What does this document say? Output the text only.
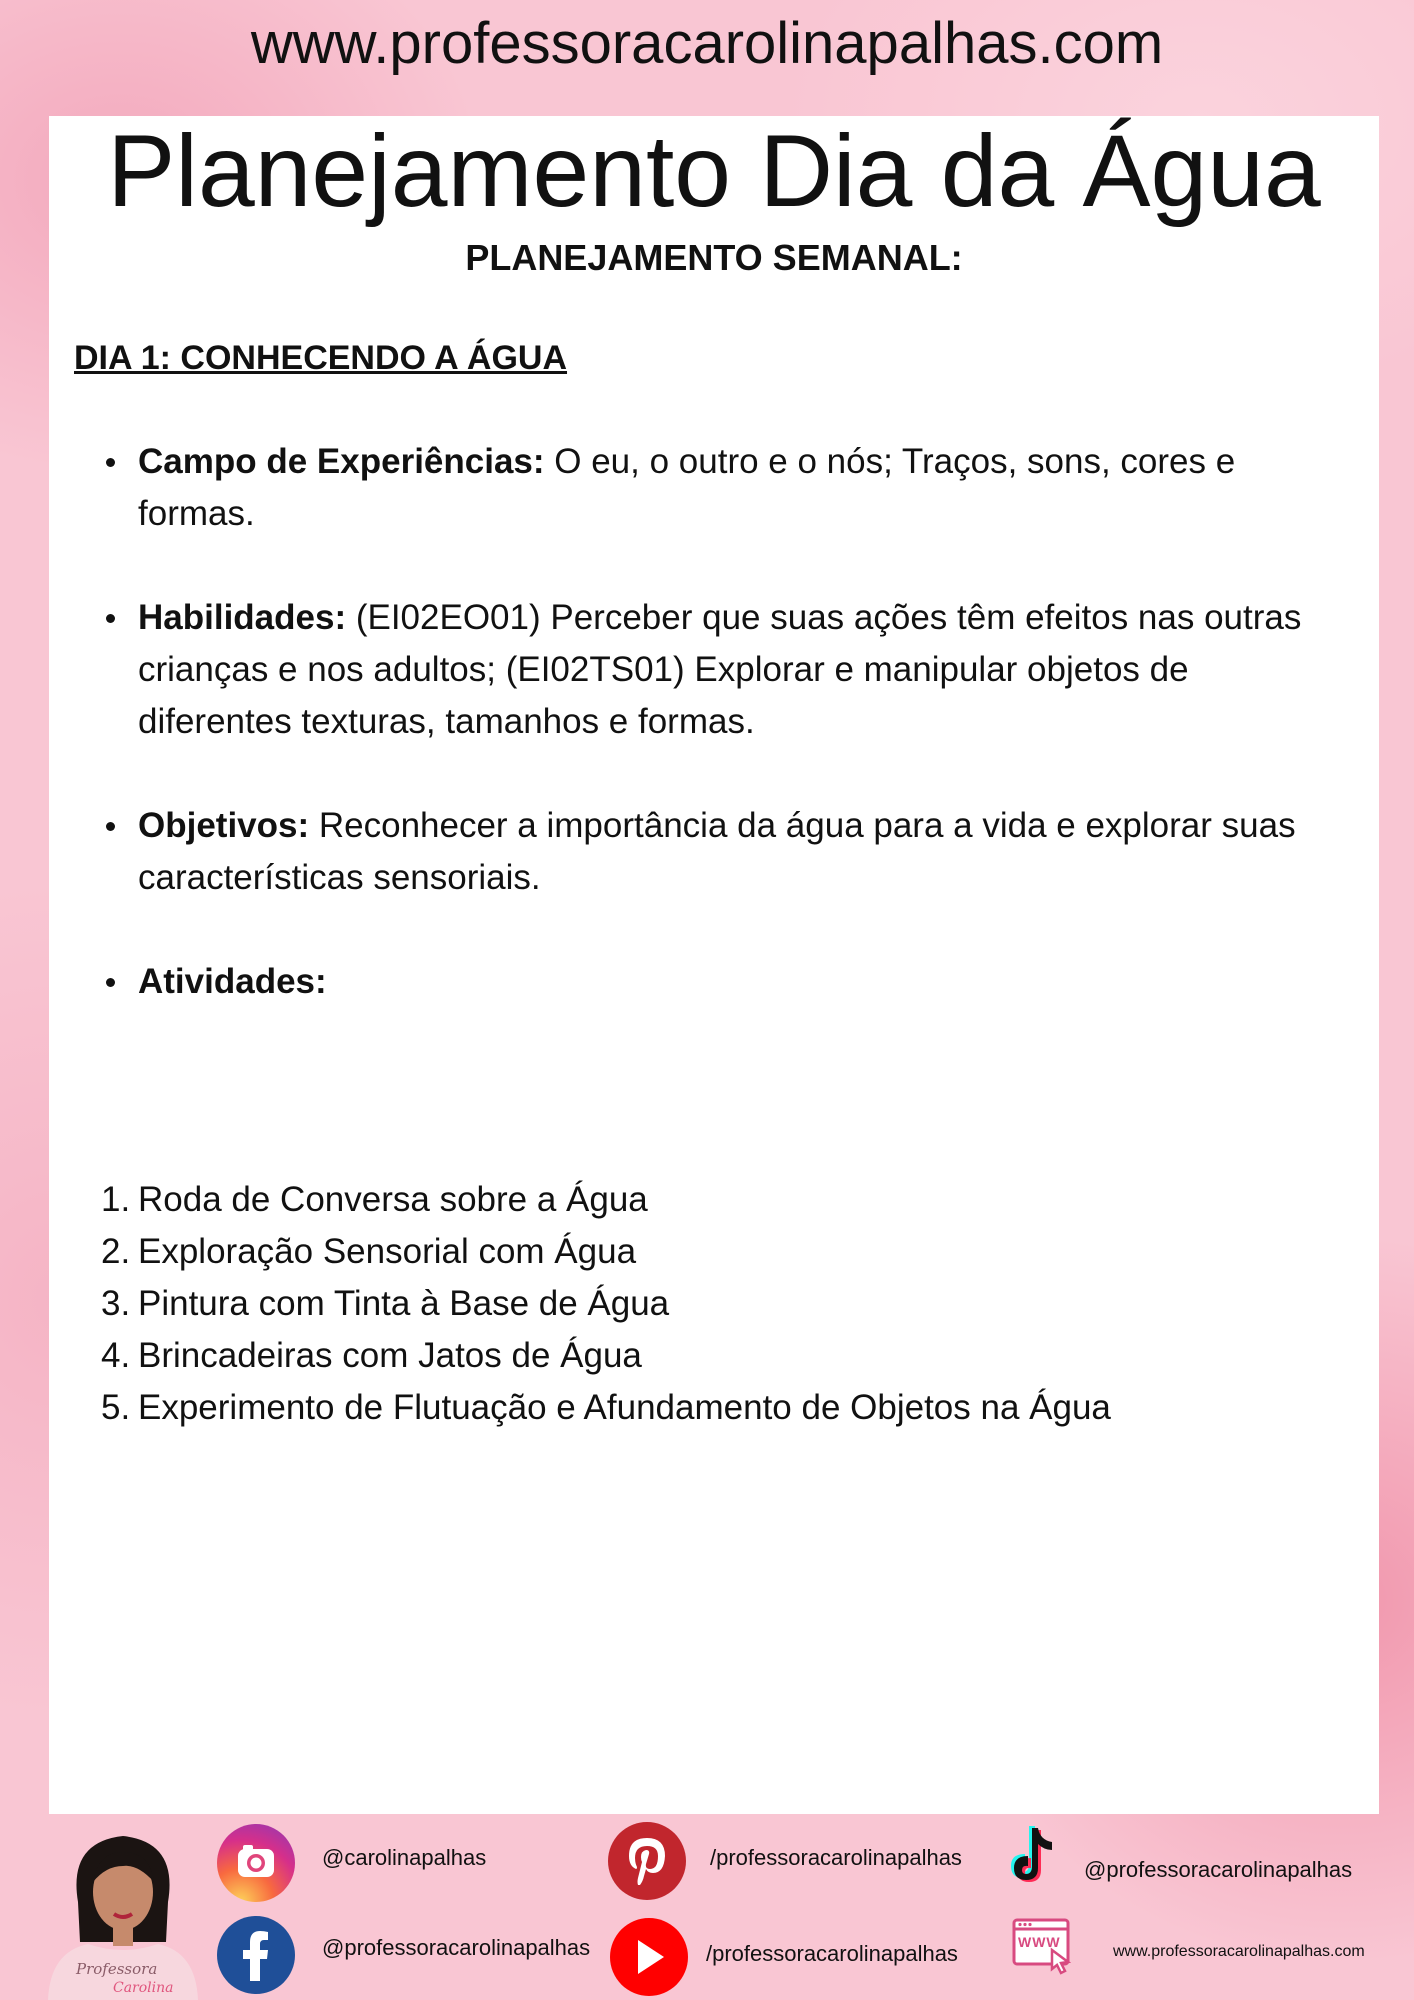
www.professoracarolinapalhas.com
Planejamento Dia da Água
PLANEJAMENTO SEMANAL:
DIA 1: CONHECENDO A ÁGUA
Campo de Experiências: O eu, o outro e o nós; Traços, sons, cores e formas.
Habilidades: (EI02EO01) Perceber que suas ações têm efeitos nas outras crianças e nos adultos; (EI02TS01) Explorar e manipular objetos de diferentes texturas, tamanhos e formas.
Objetivos: Reconhecer a importância da água para a vida e explorar suas características sensoriais.
Atividades:
1. Roda de Conversa sobre a Água
2. Exploração Sensorial com Água
3. Pintura com Tinta à Base de Água
4. Brincadeiras com Jatos de Água
5. Experimento de Flutuação e Afundamento de Objetos na Água
Professora
Carolina
@carolinapalhas
@professoracarolinapalhas
/professoracarolinapalhas
/professoracarolinapalhas
@professoracarolinapalhas
WWW
www.professoracarolinapalhas.com
